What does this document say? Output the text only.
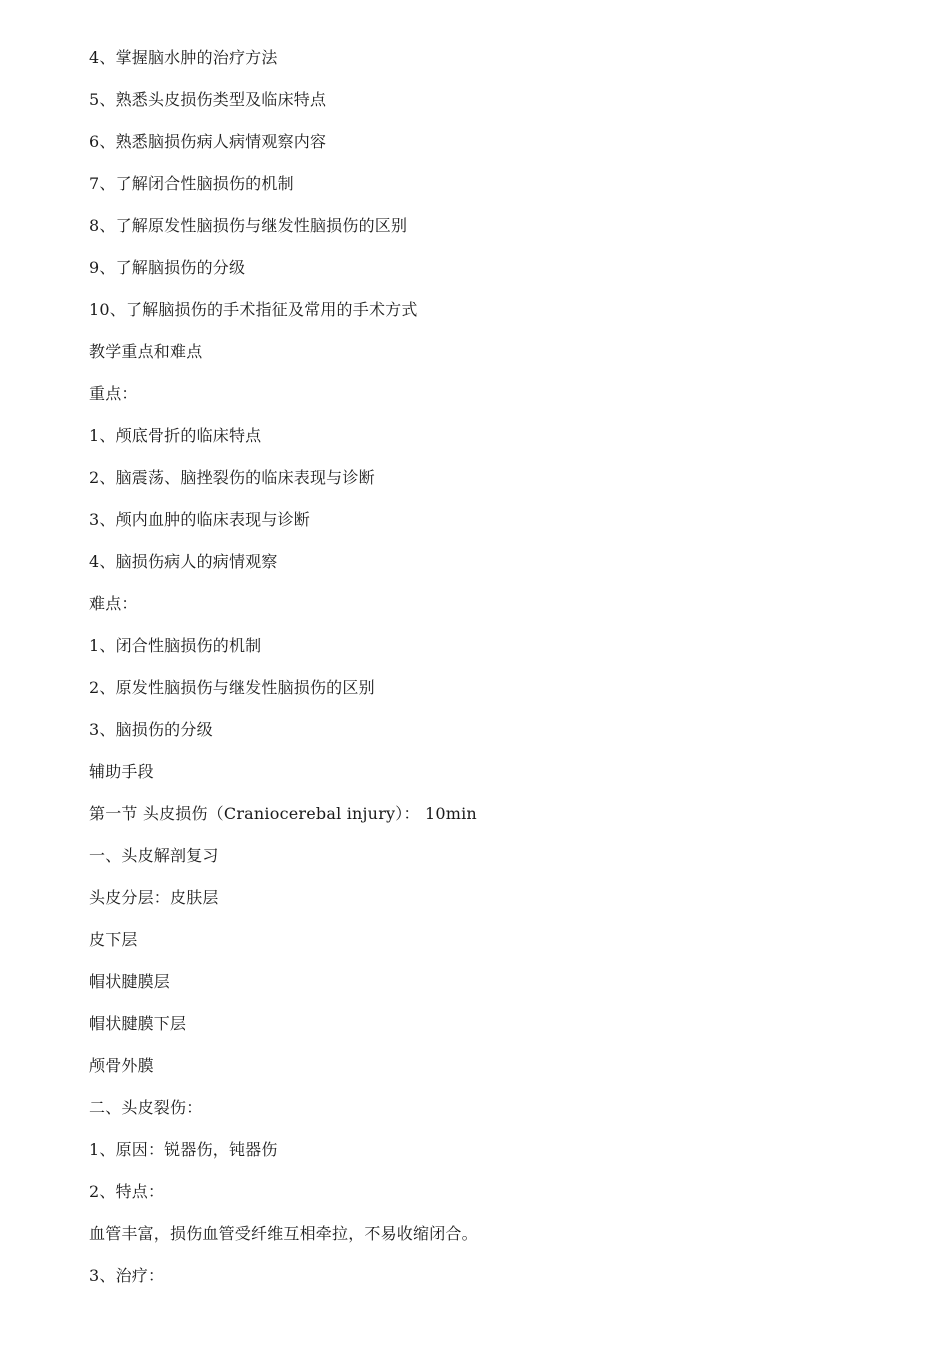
4、掌握脑水肿的治疗方法
5、熟悉头皮损伤类型及临床特点
6、熟悉脑损伤病人病情观察内容
7、了解闭合性脑损伤的机制
8、了解原发性脑损伤与继发性脑损伤的区别
9、了解脑损伤的分级
10、了解脑损伤的手术指征及常用的手术方式
教学重点和难点
重点：
1、颅底骨折的临床特点
2、脑震荡、脑挫裂伤的临床表现与诊断
3、颅内血肿的临床表现与诊断
4、脑损伤病人的病情观察
难点：
1、闭合性脑损伤的机制
2、原发性脑损伤与继发性脑损伤的区别
3、脑损伤的分级
辅助手段
第一节 头皮损伤（Craniocerebal injury）： 10min
一、头皮解剖复习
头皮分层：皮肤层
皮下层
帽状腱膜层
帽状腱膜下层
颅骨外膜
二、头皮裂伤：
1、原因：锐器伤，钝器伤
2、特点：
血管丰富，损伤血管受纤维互相牵拉，不易收缩闭合。
3、治疗：
